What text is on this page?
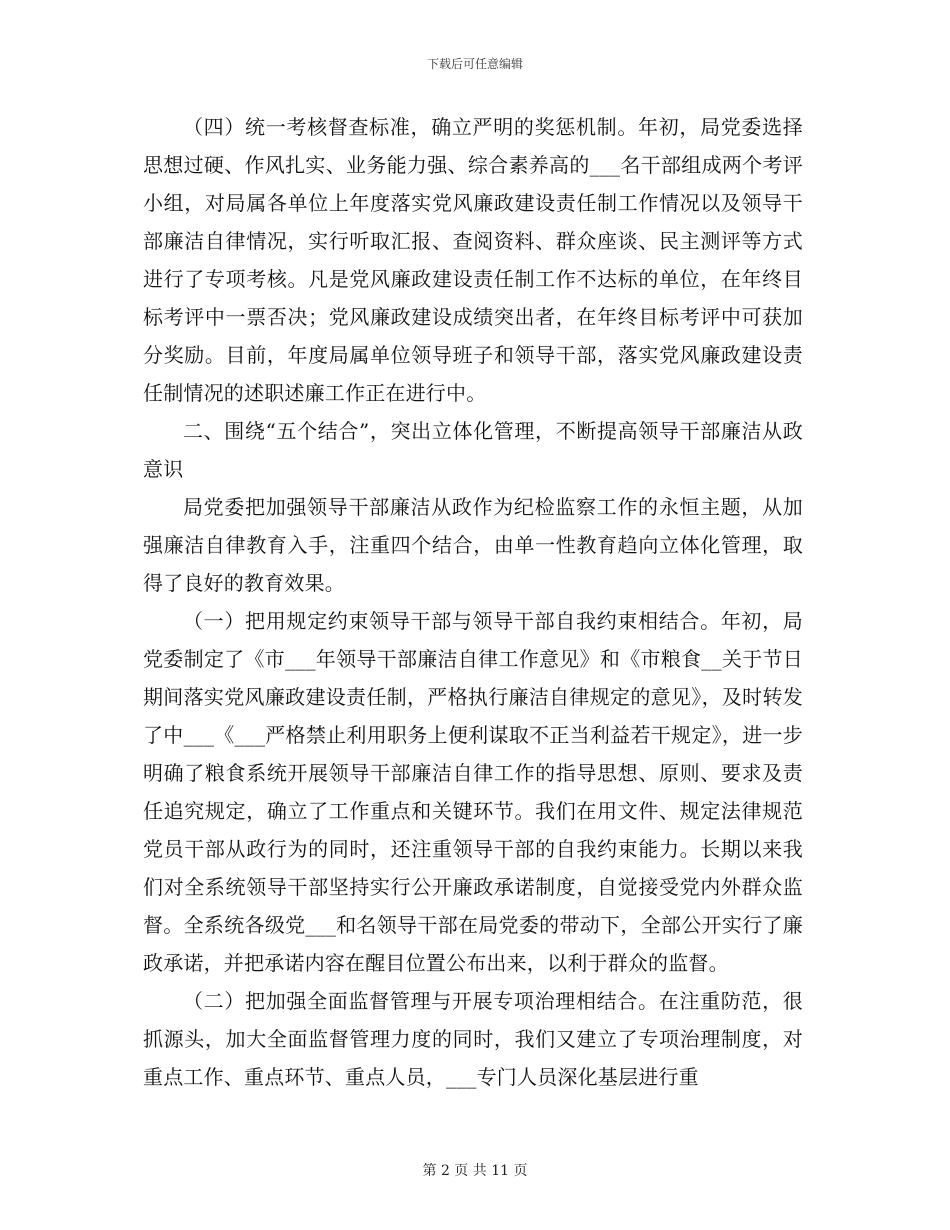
下载后可任意编辑

（四）统一考核督查标准，确立严明的奖惩机制。年初，局党委选择思想过硬、作风扎实、业务能力强、综合素养高的___名干部组成两个考评小组，对局属各单位上年度落实党风廉政建设责任制工作情况以及领导干部廉洁自律情况，实行听取汇报、查阅资料、群众座谈、民主测评等方式进行了专项考核。凡是党风廉政建设责任制工作不达标的单位，在年终目标考评中一票否决；党风廉政建设成绩突出者，在年终目标考评中可获加分奖励。目前，年度局属单位领导班子和领导干部，落实党风廉政建设责任制情况的述职述廉工作正在进行中。

二、围绕“五个结合”，突出立体化管理，不断提高领导干部廉洁从政意识

局党委把加强领导干部廉洁从政作为纪检监察工作的永恒主题，从加强廉洁自律教育入手，注重四个结合，由单一性教育趋向立体化管理，取得了良好的教育效果。

（一）把用规定约束领导干部与领导干部自我约束相结合。年初，局党委制定了《市___年领导干部廉洁自律工作意见》和《市粮食__关于节日期间落实党风廉政建设责任制，严格执行廉洁自律规定的意见》，及时转发了中___《___严格禁止利用职务上便利谋取不正当利益若干规定》，进一步明确了粮食系统开展领导干部廉洁自律工作的指导思想、原则、要求及责任追究规定，确立了工作重点和关键环节。我们在用文件、规定法律规范党员干部从政行为的同时，还注重领导干部的自我约束能力。长期以来我们对全系统领导干部坚持实行公开廉政承诺制度，自觉接受党内外群众监督。全系统各级党___和名领导干部在局党委的带动下，全部公开实行了廉政承诺，并把承诺内容在醒目位置公布出来，以利于群众的监督。

（二）把加强全面监督管理与开展专项治理相结合。在注重防范，很抓源头，加大全面监督管理力度的同时，我们又建立了专项治理制度，对重点工作、重点环节、重点人员，___专门人员深化基层进行重

第 2 页 共 11 页
